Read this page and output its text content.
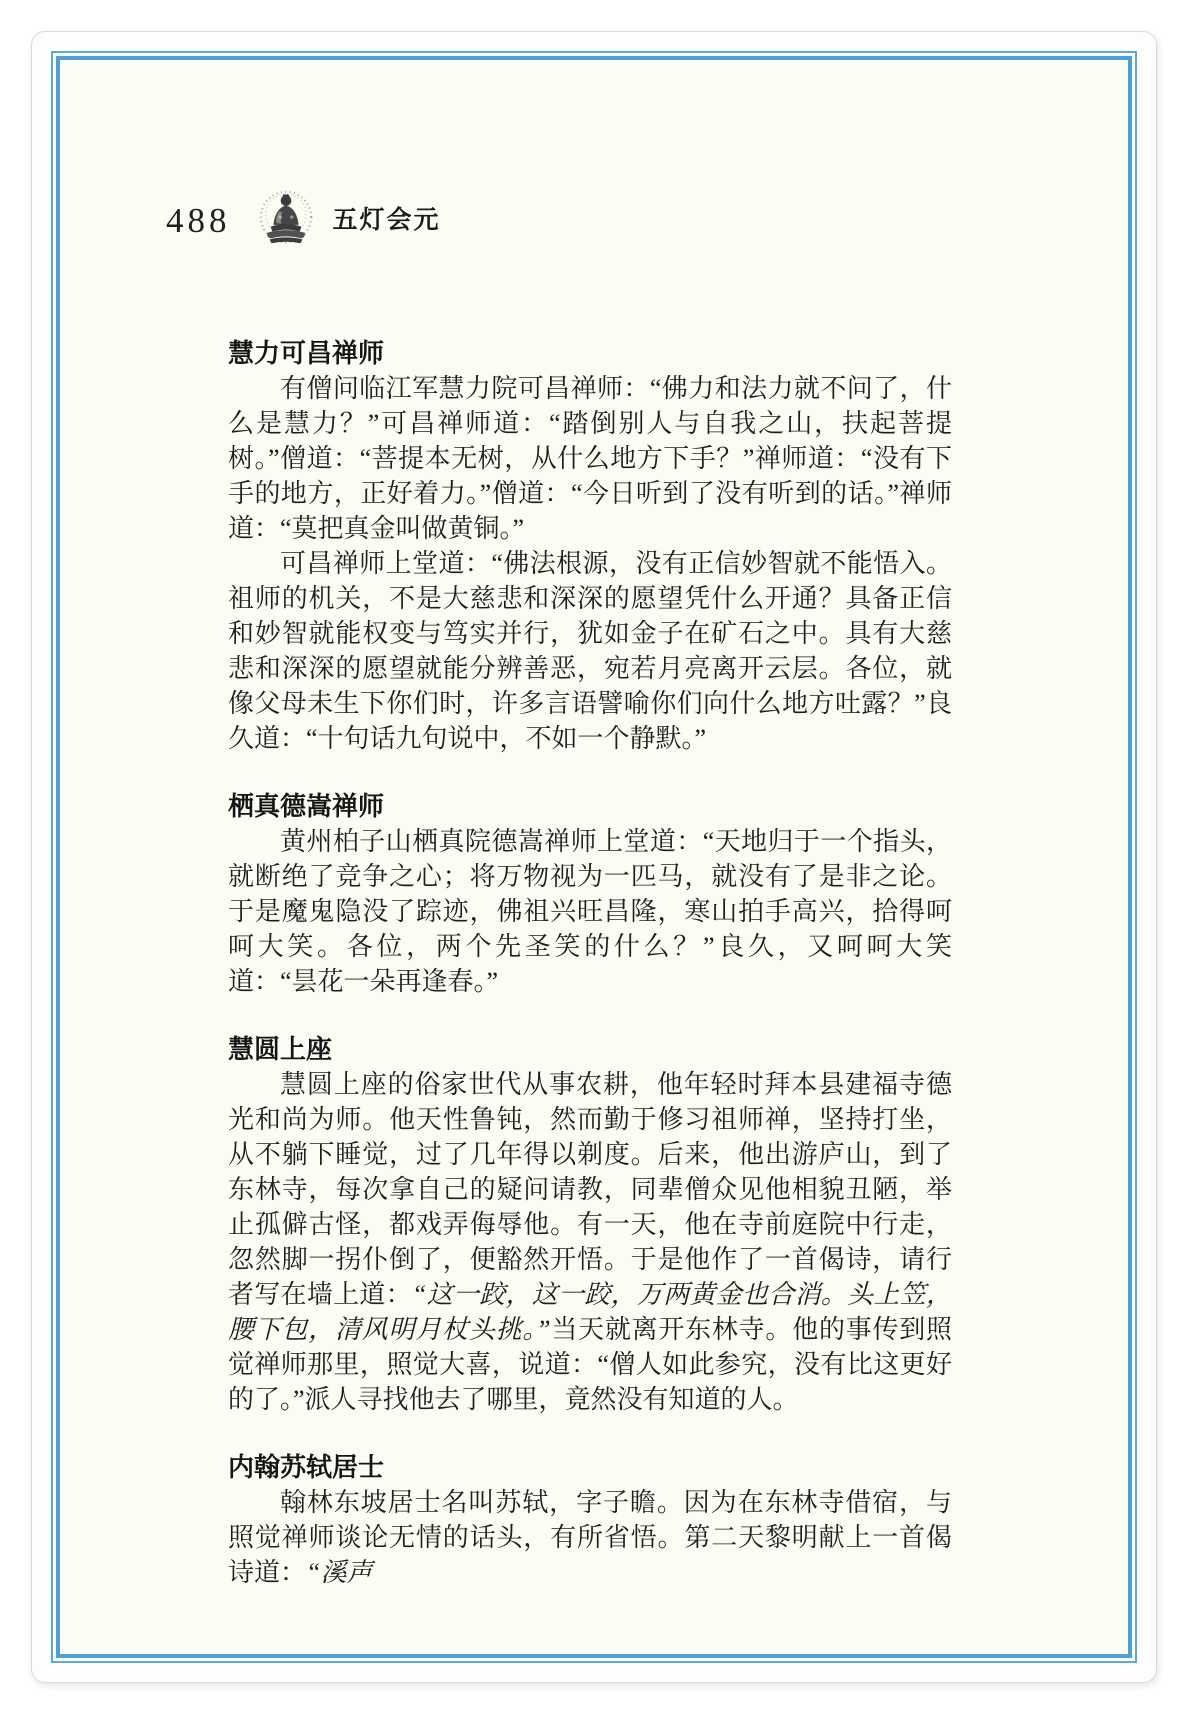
488	五灯会元
慧力可昌禅师

有僧问临江军慧力院可昌禅师：“佛力和法力就不问了，什么是慧力？”可昌禅师道：“踏倒别人与自我之山，扶起菩提树。”僧道：“菩提本无树，从什么地方下手？”禅师道：“没有下手的地方，正好着力。”僧道：“今日听到了没有听到的话。”禅师道：“莫把真金叫做黄铜。”

可昌禅师上堂道：“佛法根源，没有正信妙智就不能悟入。祖师的机关，不是大慈悲和深深的愿望凭什么开通？具备正信和妙智就能权变与笃实并行，犹如金子在矿石之中。具有大慈悲和深深的愿望就能分辨善恶，宛若月亮离开云层。各位，就像父母未生下你们时，许多言语譬喻你们向什么地方吐露？”良久道：“十句话九句说中，不如一个静默。”

栖真德嵩禅师

黄州柏子山栖真院德嵩禅师上堂道：“天地归于一个指头，就断绝了竞争之心；将万物视为一匹马，就没有了是非之论。于是魔鬼隐没了踪迹，佛祖兴旺昌隆，寒山拍手高兴，拾得呵呵大笑。各位，两个先圣笑的什么？”良久，又呵呵大笑道：“昙花一朵再逢春。”

慧圆上座

慧圆上座的俗家世代从事农耕，他年轻时拜本县建福寺德光和尚为师。他天性鲁钝，然而勤于修习祖师禅，坚持打坐，从不躺下睡觉，过了几年得以剃度。后来，他出游庐山，到了东林寺，每次拿自己的疑问请教，同辈僧众见他相貌丑陋，举止孤僻古怪，都戏弄侮辱他。有一天，他在寺前庭院中行走，忽然脚一拐仆倒了，便豁然开悟。于是他作了一首偈诗，请行者写在墙上道：“这一跤，这一跤，万两黄金也合消。头上笠，腰下包，清风明月杖头挑。”当天就离开东林寺。他的事传到照觉禅师那里，照觉大喜，说道：“僧人如此参究，没有比这更好的了。”派人寻找他去了哪里，竟然没有知道的人。

内翰苏轼居士

翰林东坡居士名叫苏轼，字子瞻。因为在东林寺借宿，与照觉禅师谈论无情的话头，有所省悟。第二天黎明献上一首偈诗道：“溪声
